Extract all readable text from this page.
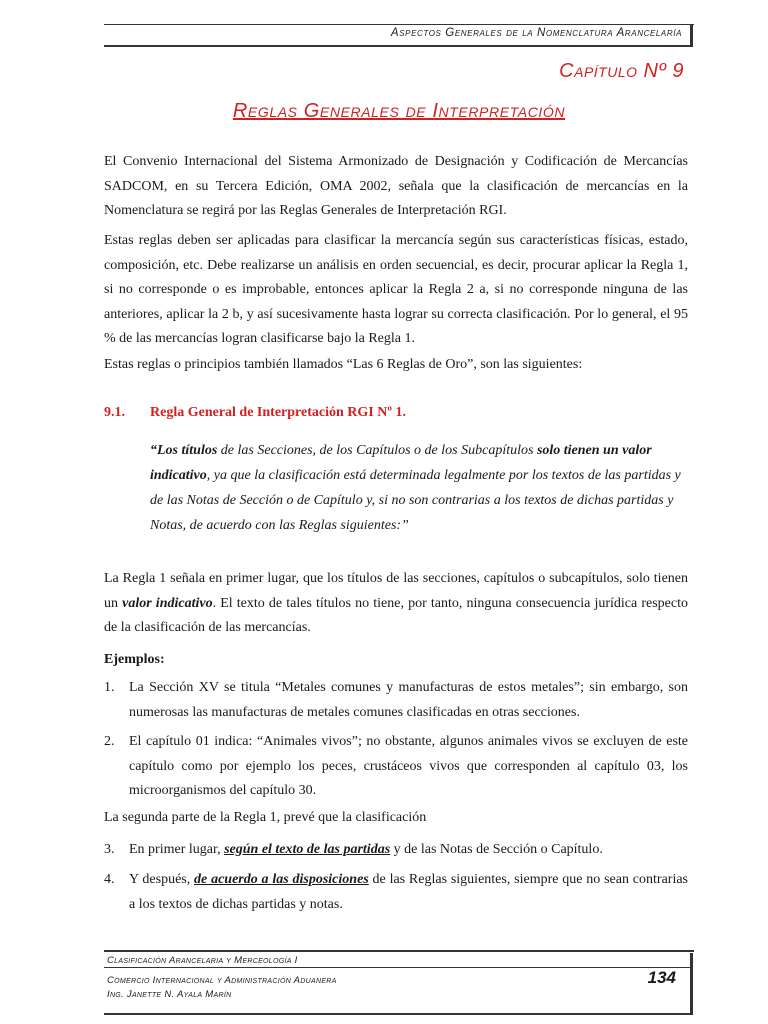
Aspectos Generales de la Nomenclatura Arancelaría
Capítulo Nº 9
Reglas Generales de Interpretación

El Convenio Internacional del Sistema Armonizado de Designación y Codificación de Mercancías SADCOM, en su Tercera Edición, OMA 2002, señala que la clasificación de mercancías en la Nomenclatura se regirá por las Reglas Generales de Interpretación RGI.

Estas reglas deben ser aplicadas para clasificar la mercancía según sus características físicas, estado, composición, etc. Debe realizarse un análisis en orden secuencial, es decir, procurar aplicar la Regla 1, si no corresponde o es improbable, entonces aplicar la Regla 2 a, si no corresponde ninguna de las anteriores, aplicar la 2 b, y así sucesivamente hasta lograr su correcta clasificación. Por lo general, el 95 % de las mercancías logran clasificarse bajo la Regla 1.

Estas reglas o principios también llamados “Las 6 Reglas de Oro”, son las siguientes:

9.1. Regla General de Interpretación RGI Nº 1.

“Los títulos de las Secciones, de los Capítulos o de los Subcapítulos solo tienen un valor indicativo, ya que la clasificación está determinada legalmente por los textos de las partidas y de las Notas de Sección o de Capítulo y, si no son contrarias a los textos de dichas partidas y Notas, de acuerdo con las Reglas siguientes:”

La Regla 1 señala en primer lugar, que los títulos de las secciones, capítulos o subcapítulos, solo tienen un valor indicativo. El texto de tales títulos no tiene, por tanto, ninguna consecuencia jurídica respecto de la clasificación de las mercancías.

Ejemplos:
1. La Sección XV se titula “Metales comunes y manufacturas de estos metales”; sin embargo, son numerosas las manufacturas de metales comunes clasificadas en otras secciones.
2. El capítulo 01 indica: “Animales vivos”; no obstante, algunos animales vivos se excluyen de este capítulo como por ejemplo los peces, crustáceos vivos que corresponden al capítulo 03, los microorganismos del capítulo 30.

La segunda parte de la Regla 1, prevé que la clasificación

3. En primer lugar, según el texto de las partidas y de las Notas de Sección o Capítulo.
4. Y después, de acuerdo a las disposiciones de las Reglas siguientes, siempre que no sean contrarias a los textos de dichas partidas y notas.
Clasificación Arancelaria y Merceología I
Comercio Internacional y Administración Aduanera
Ing. Janette N. Ayala Marín
134
